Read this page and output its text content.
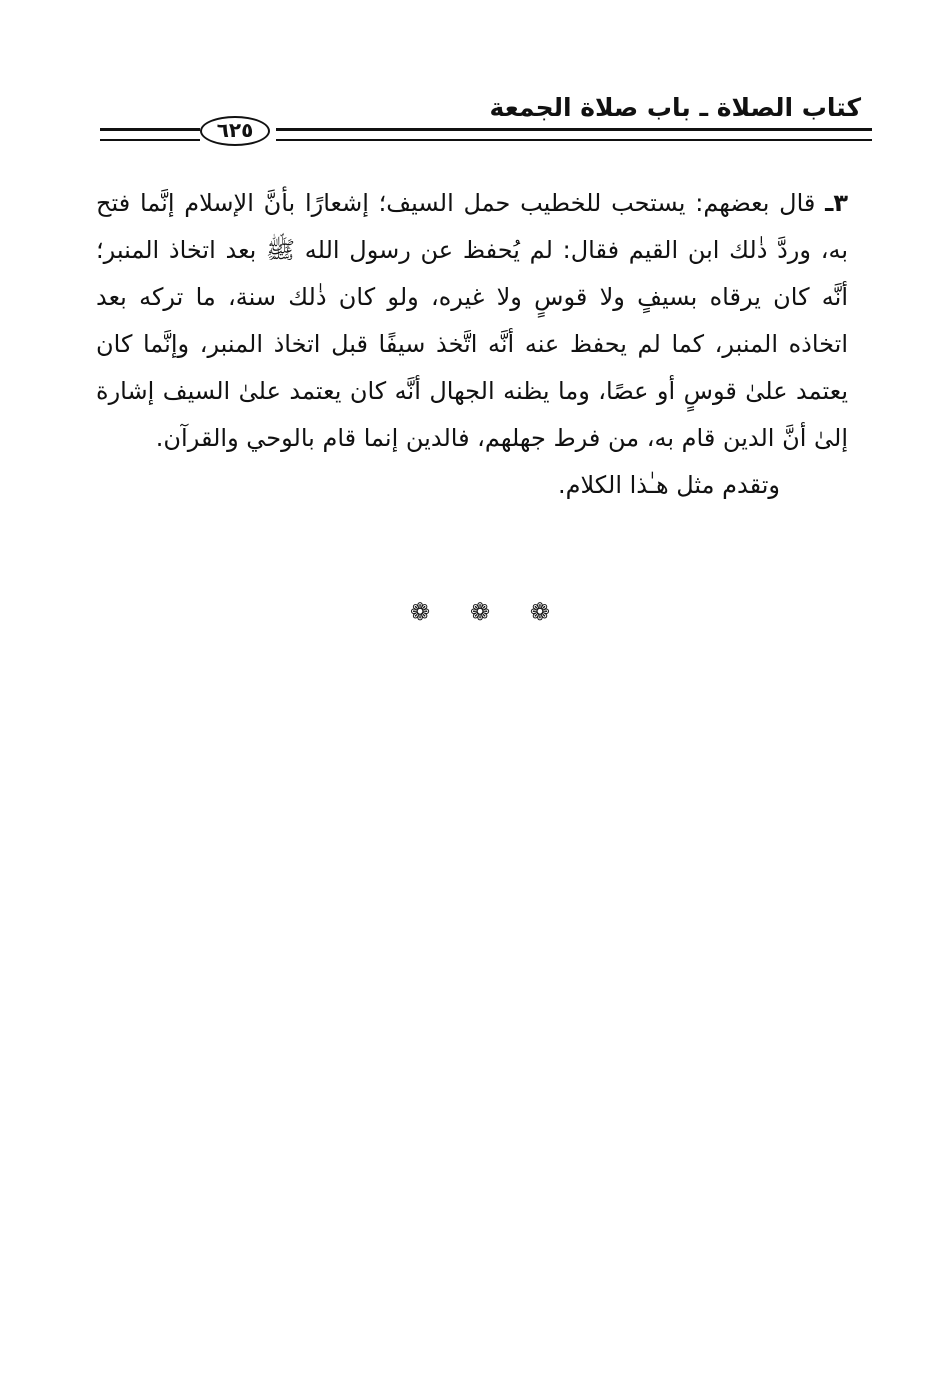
كتاب الصلاة ـ باب صلاة الجمعة
٦٢٥

٣ـ قال بعضهم: يستحب للخطيب حمل السيف؛ إشعارًا بأنَّ الإسلام إنَّما فتح به، وردَّ ذٰلك ابن القيم فقال: لم يُحفظ عن رسول الله ﷺ بعد اتخاذ المنبر؛ أنَّه كان يرقاه بسيفٍ ولا قوسٍ ولا غيره، ولو كان ذٰلك سنة، ما تركه بعد اتخاذه المنبر، كما لم يحفظ عنه أنَّه اتَّخذ سيفًا قبل اتخاذ المنبر، وإنَّما كان يعتمد علىٰ قوسٍ أو عصًا، وما يظنه الجهال أنَّه كان يعتمد علىٰ السيف إشارة إلىٰ أنَّ الدين قام به، من فرط جهلهم، فالدين إنما قام بالوحي والقرآن.

وتقدم مثل هـٰذا الكلام.

❁ ❁ ❁
